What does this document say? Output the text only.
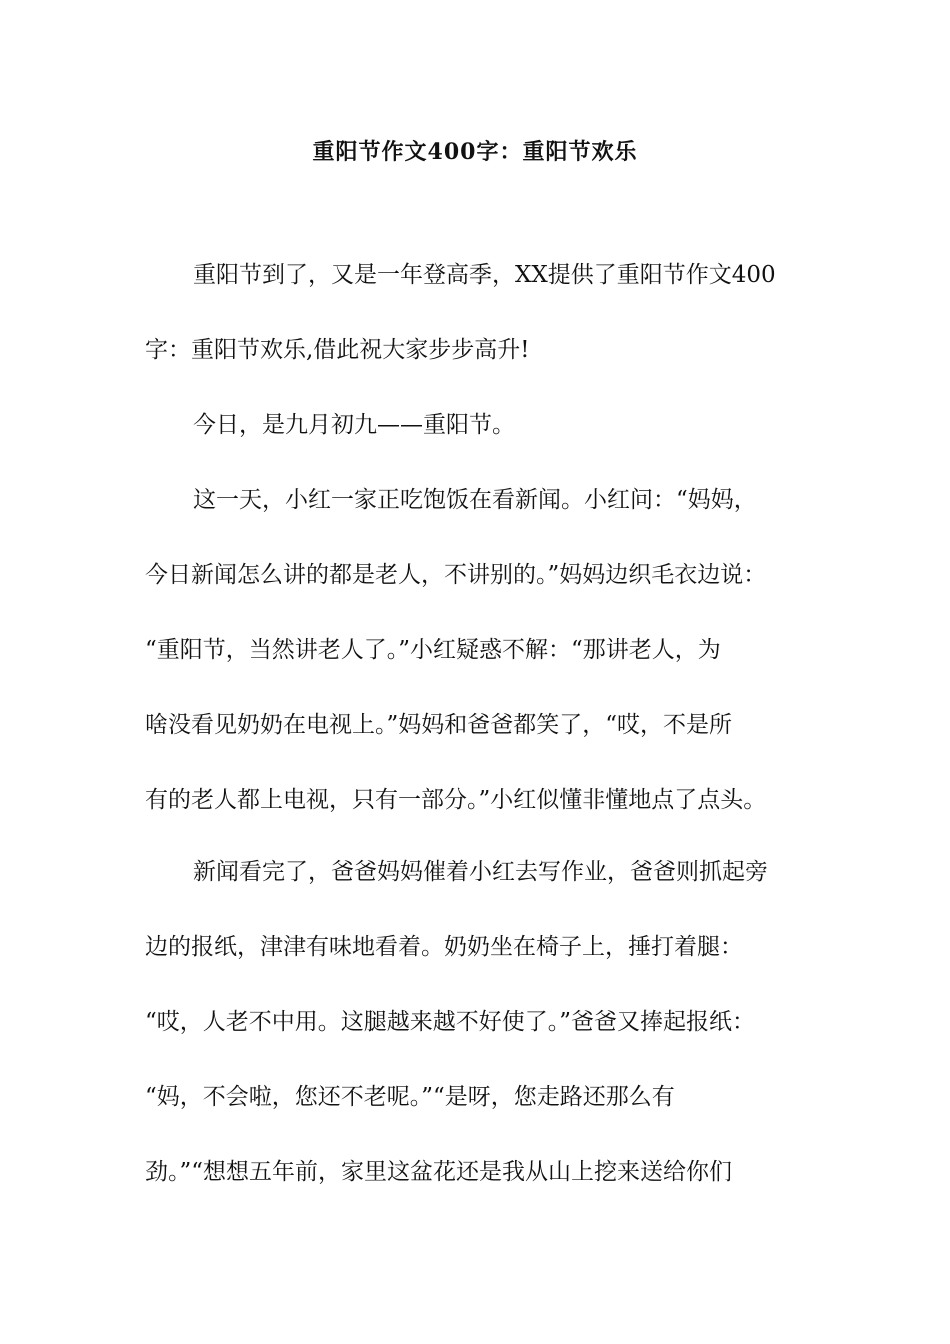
重阳节作文400字：重阳节欢乐
重阳节到了，又是一年登高季，XX提供了重阳节作文400
字：重阳节欢乐,借此祝大家步步高升!
今日，是九月初九——重阳节。
这一天，小红一家正吃饱饭在看新闻。小红问：“妈妈，
今日新闻怎么讲的都是老人，不讲别的。”妈妈边织毛衣边说：
“重阳节，当然讲老人了。”小红疑惑不解：“那讲老人，为
啥没看见奶奶在电视上。”妈妈和爸爸都笑了，“哎，不是所
有的老人都上电视，只有一部分。”小红似懂非懂地点了点头。
新闻看完了，爸爸妈妈催着小红去写作业，爸爸则抓起旁
边的报纸，津津有味地看着。奶奶坐在椅子上，捶打着腿：
“哎，人老不中用。这腿越来越不好使了。”爸爸又捧起报纸：
“妈，不会啦，您还不老呢。”“是呀，您走路还那么有
劲。”“想想五年前，家里这盆花还是我从山上挖来送给你们
